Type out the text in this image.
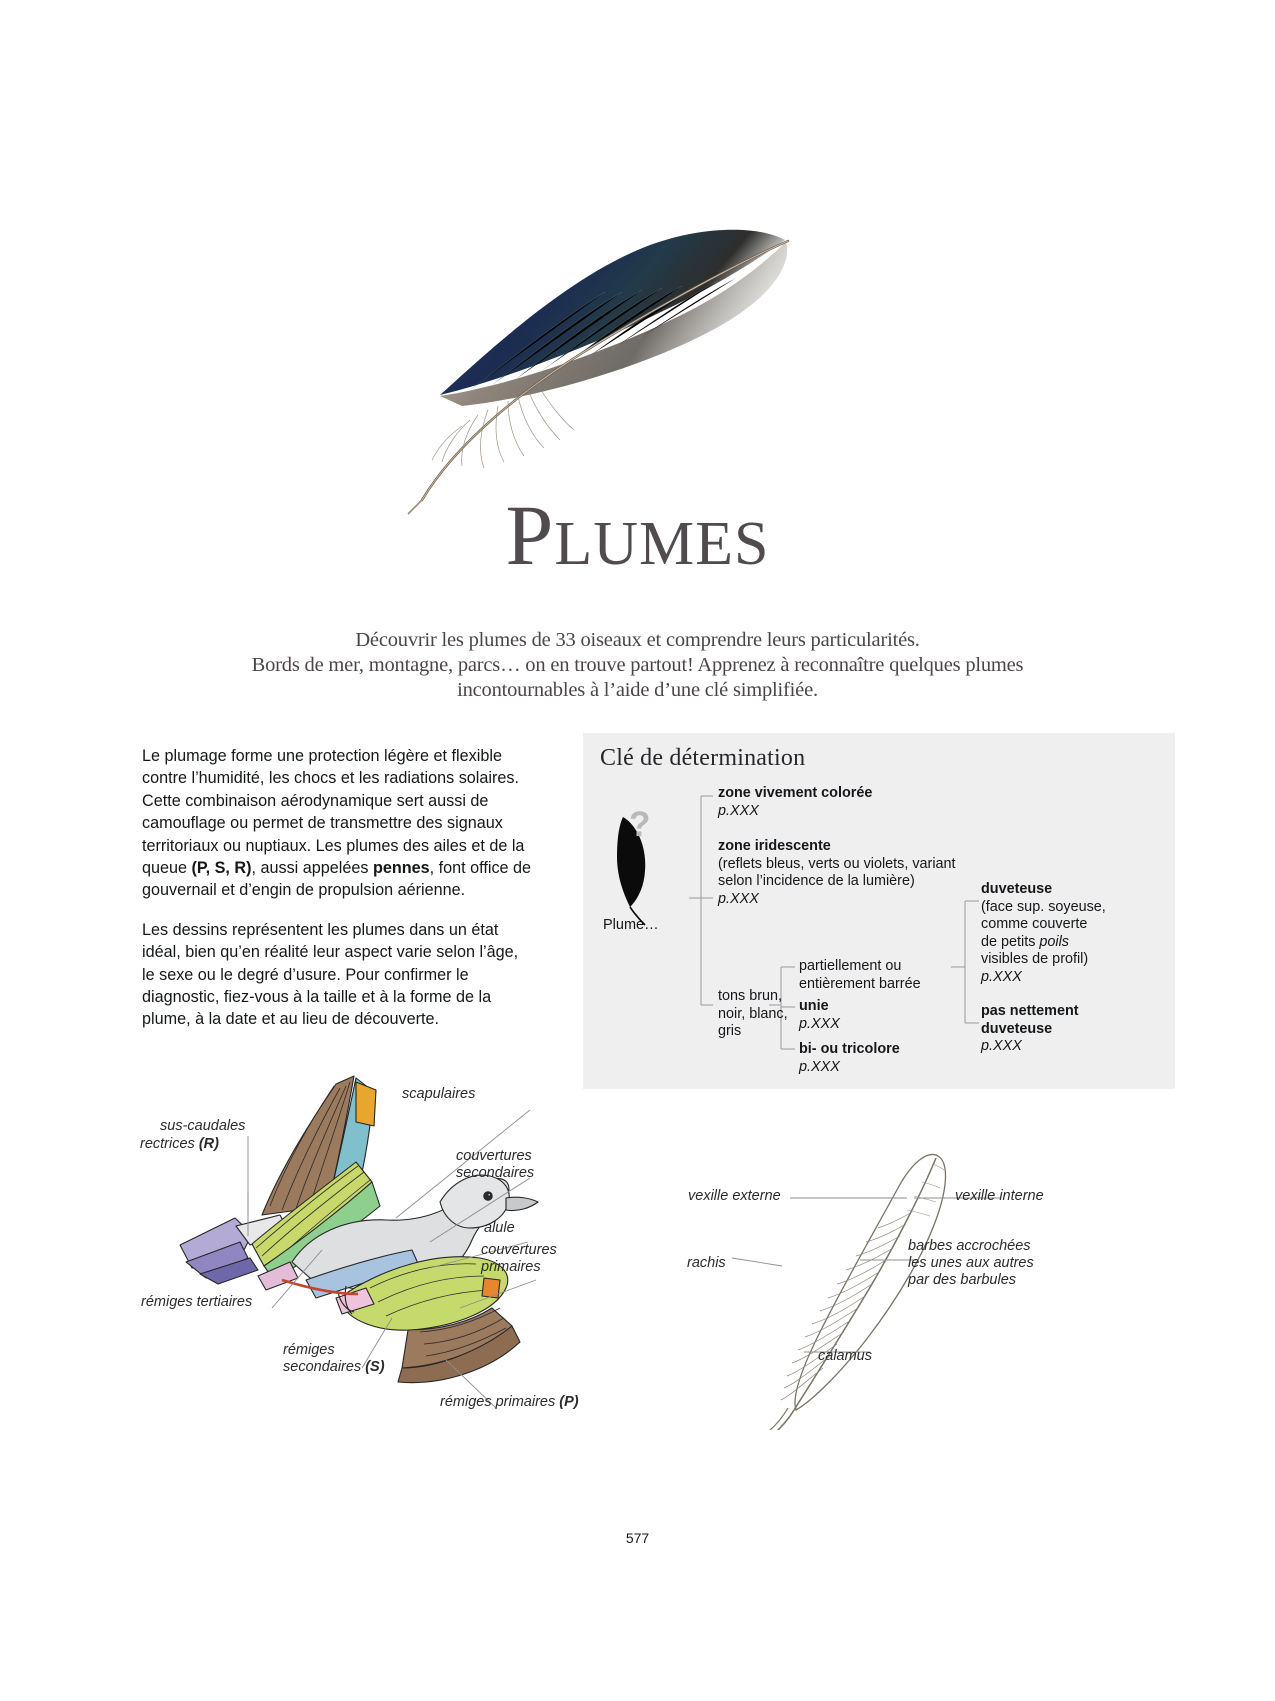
PLUMES
Découvrir les plumes de 33 oiseaux et comprendre leurs particularités.
Bords de mer, montagne, parcs… on en trouve partout! Apprenez à reconnaître quelques plumes
incontournables à l’aide d’une clé simplifiée.

Le plumage forme une protection légère et flexible contre l’humidité, les chocs et les radiations solaires. Cette combinaison aérodynamique sert aussi de camouflage ou permet de transmettre des signaux territoriaux ou nuptiaux. Les plumes des ailes et de la queue (P, S, R), aussi appelées pennes, font office de gouvernail et d’engin de propulsion aérienne.

Les dessins représentent les plumes dans un état idéal, bien qu’en réalité leur aspect varie selon l’âge, le sexe ou le degré d’usure. Pour confirmer le diagnostic, fiez-vous à la taille et à la forme de la plume, à la date et au lieu de découverte.

Clé de détermination
?
Plume…
zone vivement colorée
p.XXX
zone iridescente
(reflets bleus, verts ou violets, variant
selon l’incidence de la lumière)
p.XXX
tons brun,
noir, blanc,
gris
partiellement ou
entièrement barrée
unie
p.XXX
bi- ou tricolore
p.XXX
duveteuse
(face sup. soyeuse,
comme couverte
de petits poils
visibles de profil)
p.XXX
pas nettement
duveteuse
p.XXX
sus-caudales
rectrices (R)
rémiges tertiaires
rémiges
secondaires (S)
rémiges primaires (P)
scapulaires
couvertures
secondaires
alule
couvertures
primaires
vexille externe	vexille interne
rachis
barbes accrochées
les unes aux autres
par des barbules
calamus
577
